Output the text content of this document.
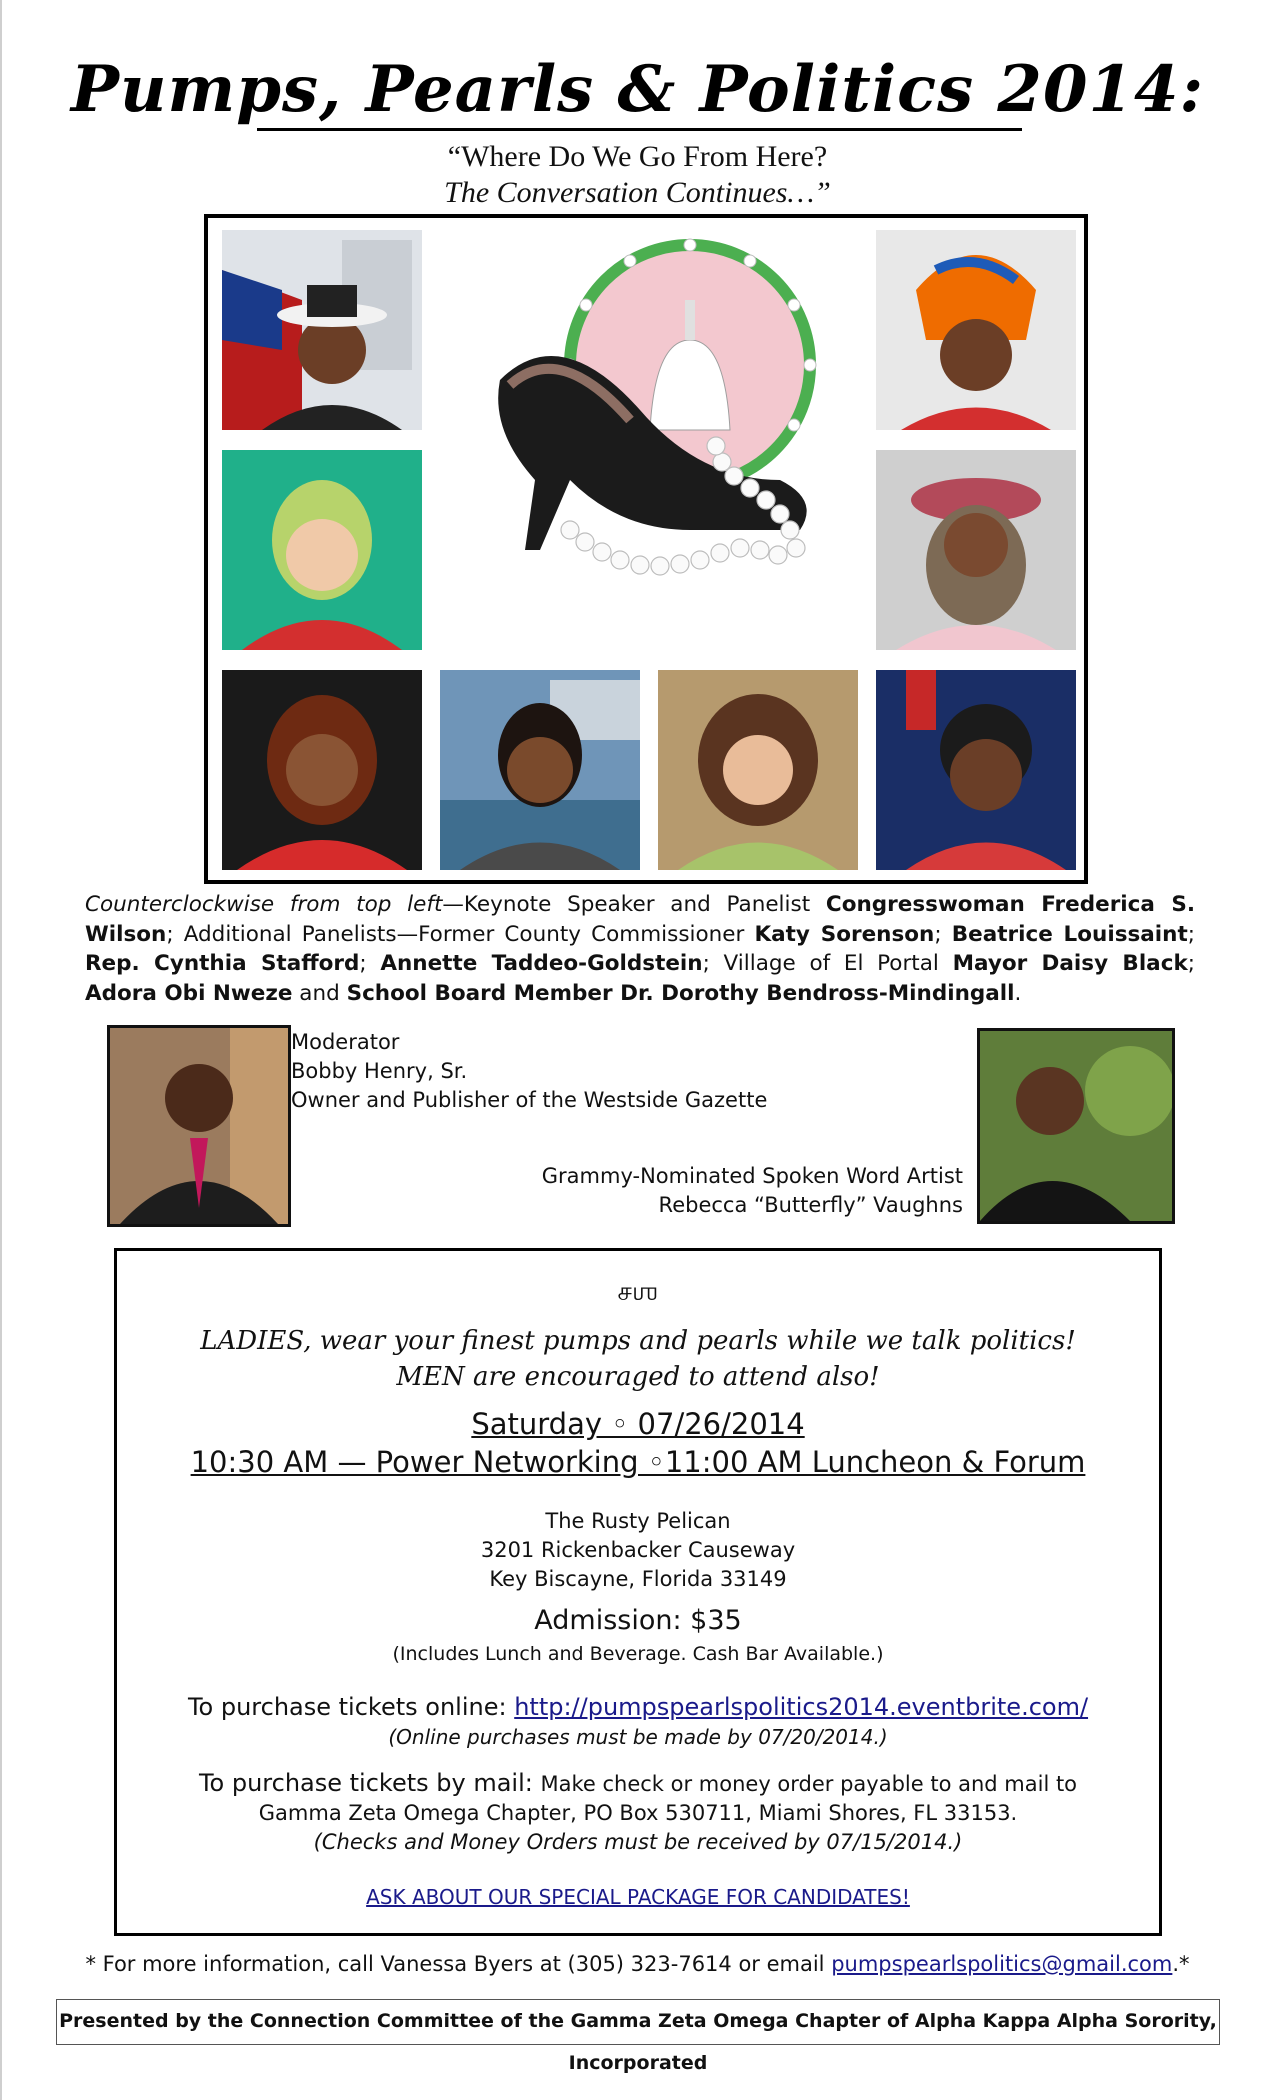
Pumps, Pearls & Politics 2014:
“Where Do We Go From Here?
The Conversation Continues…”
Counterclockwise from top left—Keynote Speaker and Panelist Congresswoman Frederica S. Wilson; Additional Panelists—Former County Commissioner Katy Sorenson; Beatrice Louissaint; Rep. Cynthia Stafford; Annette Taddeo-Goldstein; Village of El Portal Mayor Daisy Black; Adora Obi Nweze and School Board Member Dr. Dorothy Bendross-Mindingall.
Moderator
Bobby Henry, Sr.
Owner and Publisher of the Westside Gazette
Grammy-Nominated Spoken Word Artist
Rebecca “Butterfly” Vaughns
சஶ
LADIES, wear your finest pumps and pearls while we talk politics!
MEN are encouraged to attend also!
Saturday ◦ 07/26/2014
10:30 AM — Power Networking ◦11:00 AM Luncheon & Forum
The Rusty Pelican
3201 Rickenbacker Causeway
Key Biscayne, Florida 33149
Admission: $35
(Includes Lunch and Beverage. Cash Bar Available.)
To purchase tickets online: http://pumpspearlspolitics2014.eventbrite.com/
(Online purchases must be made by 07/20/2014.)
To purchase tickets by mail: Make check or money order payable to and mail to
Gamma Zeta Omega Chapter, PO Box 530711, Miami Shores, FL 33153.
(Checks and Money Orders must be received by 07/15/2014.)
ASK ABOUT OUR SPECIAL PACKAGE FOR CANDIDATES!
* For more information, call Vanessa Byers at (305) 323-7614 or email pumpspearlspolitics@gmail.com.*
Presented by the Connection Committee of the Gamma Zeta Omega Chapter of Alpha Kappa Alpha Sorority, Incorporated
